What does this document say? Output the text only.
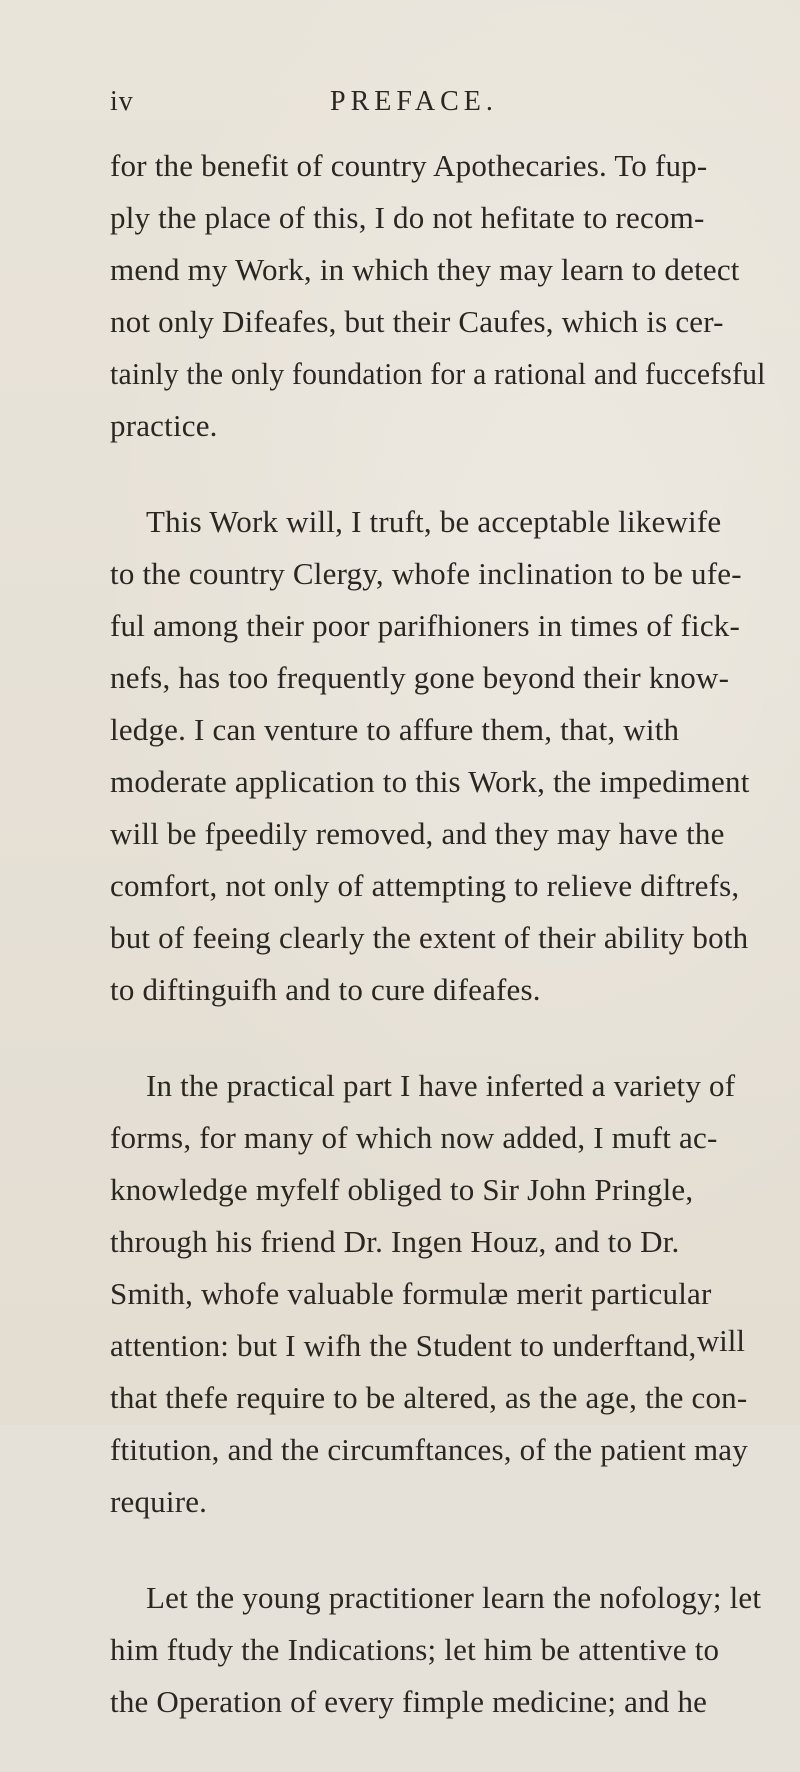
iv	PREFACE.

for the benefit of country Apothecaries. To fup-
ply the place of this, I do not hefitate to recom-
mend my Work, in which they may learn to detect
not only Difeafes, but their Caufes, which is cer-
tainly the only foundation for a rational and fuccefsful
practice.

This Work will, I truft, be acceptable likewife
to the country Clergy, whofe inclination to be ufe-
ful among their poor parifhioners in times of fick-
nefs, has too frequently gone beyond their know-
ledge. I can venture to affure them, that, with
moderate application to this Work, the impediment
will be fpeedily removed, and they may have the
comfort, not only of attempting to relieve diftrefs,
but of feeing clearly the extent of their ability both
to diftinguifh and to cure difeafes.

In the practical part I have inferted a variety of
forms, for many of which now added, I muft ac-
knowledge myfelf obliged to Sir John Pringle,
through his friend Dr. Ingen Houz, and to Dr.
Smith, whofe valuable formulæ merit particular
attention: but I wifh the Student to underftand,
that thefe require to be altered, as the age, the con-
ftitution, and the circumftances, of the patient may
require.

Let the young practitioner learn the nofology; let
him ftudy the Indications; let him be attentive to
the Operation of every fimple medicine; and he

will
